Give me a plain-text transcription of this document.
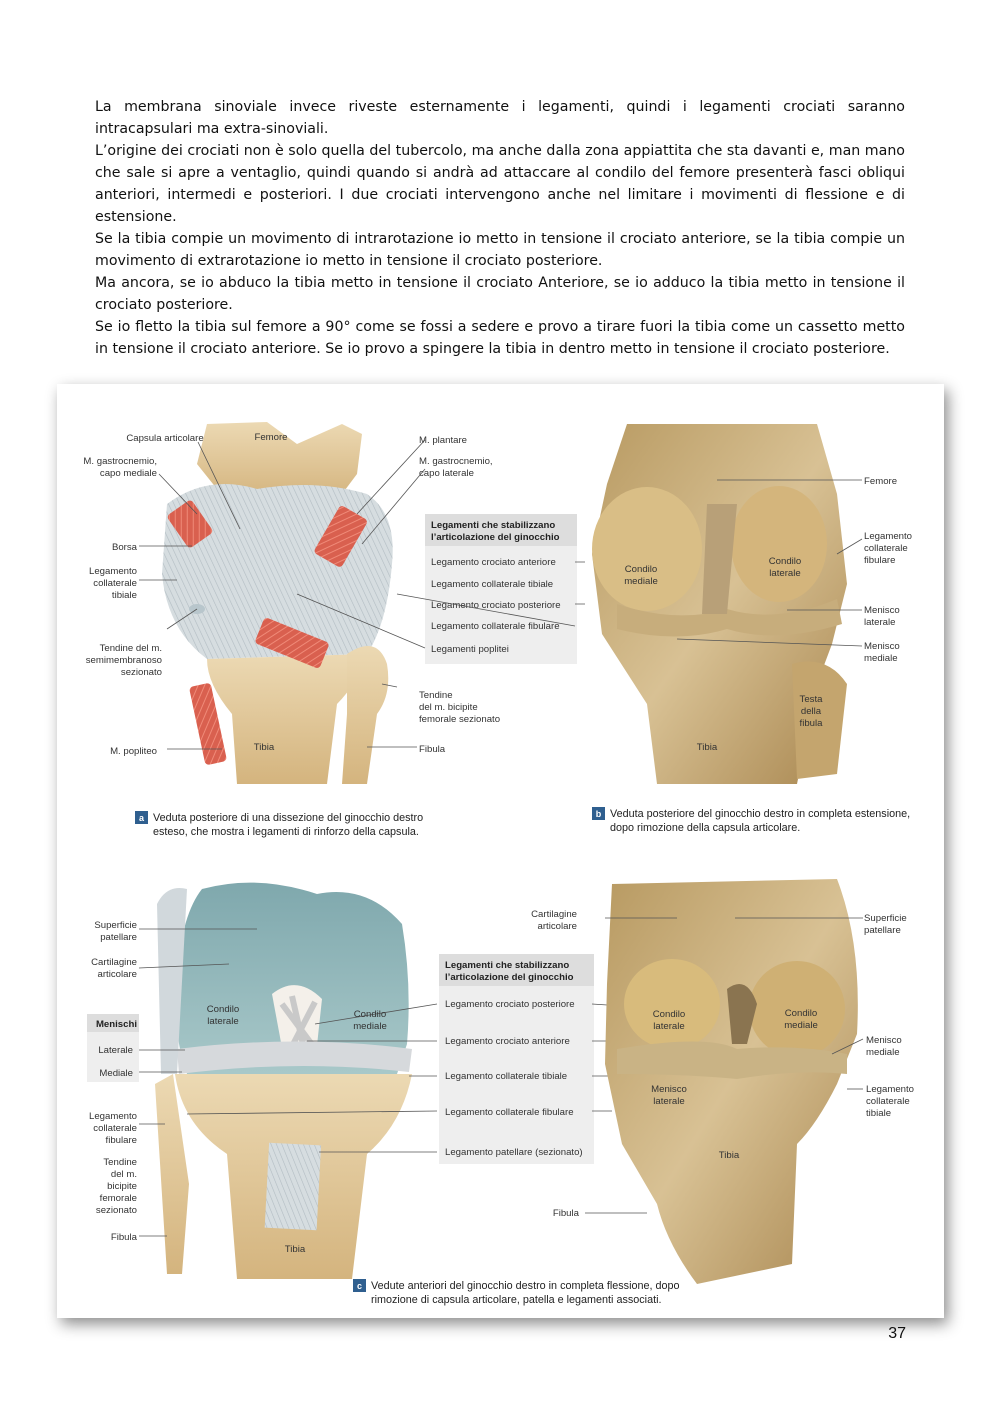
La membrana sinoviale invece riveste esternamente i legamenti, quindi i legamenti crociati saranno intracapsulari ma extra-sinoviali.

L’origine dei crociati non è solo quella del tubercolo, ma anche dalla zona appiattita che sta davanti e, man mano che sale si apre a ventaglio, quindi quando si andrà ad attaccare al condilo del femore presenterà fasci obliqui anteriori, intermedi e posteriori. I due crociati intervengono anche nel limitare i movimenti di flessione e di estensione.

Se la tibia compie un movimento di intrarotazione io metto in tensione il crociato anteriore, se la tibia compie un movimento di extrarotazione io metto in tensione il crociato posteriore.

Ma ancora, se io abduco la tibia metto in tensione il crociato Anteriore, se io adduco la tibia metto in tensione il crociato posteriore.

Se io fletto la tibia sul femore a 90° come se fossi a sedere e provo a tirare fuori la tibia come un cassetto metto in tensione il crociato anteriore. Se io provo a spingere la tibia in dentro metto in tensione il crociato posteriore.

Capsula articolare	Femore	M. plantare
M. gastrocnemio,
capo mediale
M. gastrocnemio,
capo laterale
Borsa
Legamento
collaterale
tibiale
Tendine del m.
semimembranoso
sezionato
Tendine
del m. bicipite
femorale sezionato
M. popliteo	Tibia	Fibula
Legamenti che stabilizzano
l’articolazione del ginocchio
Legamento crociato anteriore
Legamento collaterale tibiale
Legamento crociato posteriore
Legamento collaterale fibulare
Legamenti poplitei
a Veduta posteriore di una dissezione del ginocchio destro
esteso, che mostra i legamenti di rinforzo della capsula.
Femore
Condilo
mediale
Condilo
laterale
Legamento
collaterale
fibulare
Menisco
laterale
Menisco
mediale
Testa
della
fibula
Tibia
b Veduta posteriore del ginocchio destro in completa estensione,
dopo rimozione della capsula articolare.
Superficie
patellare
Cartilagine
articolare
Menischi
Laterale
Mediale
Condilo
laterale
Condilo
mediale
Legamento
collaterale
fibulare
Tendine
del m.
bicipite
femorale
sezionato
Fibula
Tibia
Legamenti che stabilizzano
l’articolazione del ginocchio
Legamento crociato posteriore
Legamento crociato anteriore
Legamento collaterale tibiale
Legamento collaterale fibulare
Legamento patellare (sezionato)
Cartilagine
articolare
Superficie
patellare
Condilo
laterale
Condilo
mediale
Menisco
mediale
Menisco
laterale
Legamento
collaterale
tibiale
Tibia
Fibula
c Vedute anteriori del ginocchio destro in completa flessione, dopo
rimozione di capsula articolare, patella e legamenti associati.
37
